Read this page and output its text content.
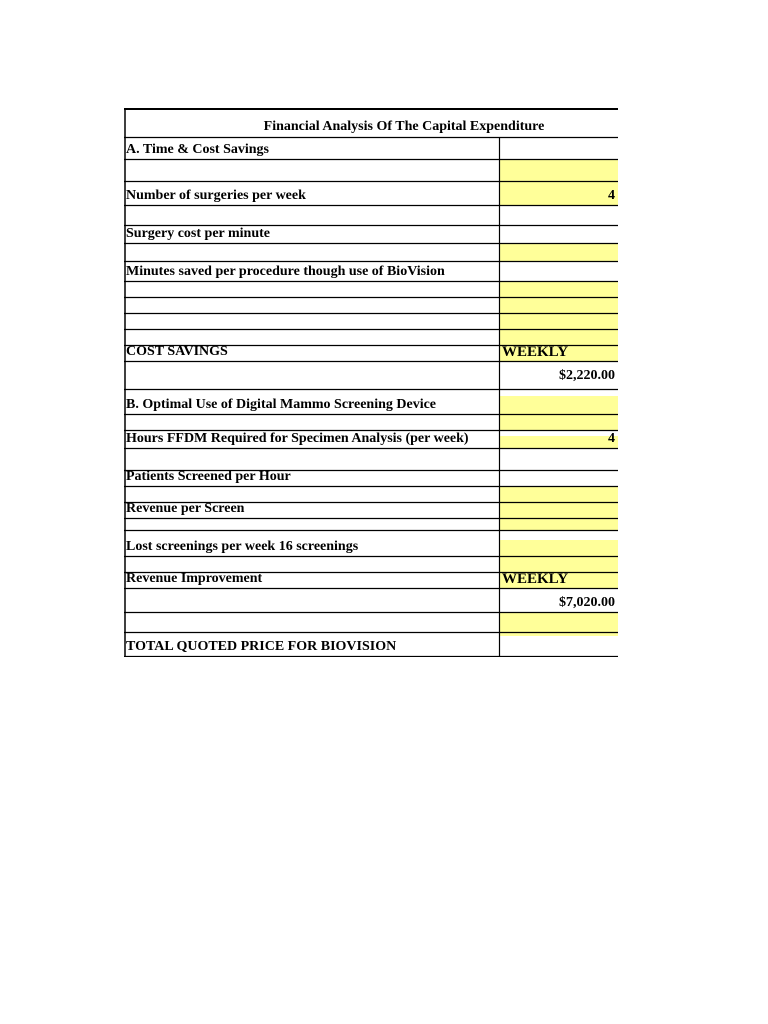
Financial Analysis Of The Capital Expenditure
A. Time & Cost Savings
Number of surgeries per week	4
Surgery cost per minute
Minutes saved per procedure though use of BioVision
COST SAVINGS	WEEKLY
$2,220.00
B. Optimal Use of Digital Mammo Screening Device
Hours FFDM Required for Specimen Analysis (per week)	4
Patients Screened per Hour
Revenue per Screen
Lost screenings per week 16 screenings
Revenue Improvement	WEEKLY
$7,020.00
TOTAL QUOTED PRICE FOR BIOVISION
